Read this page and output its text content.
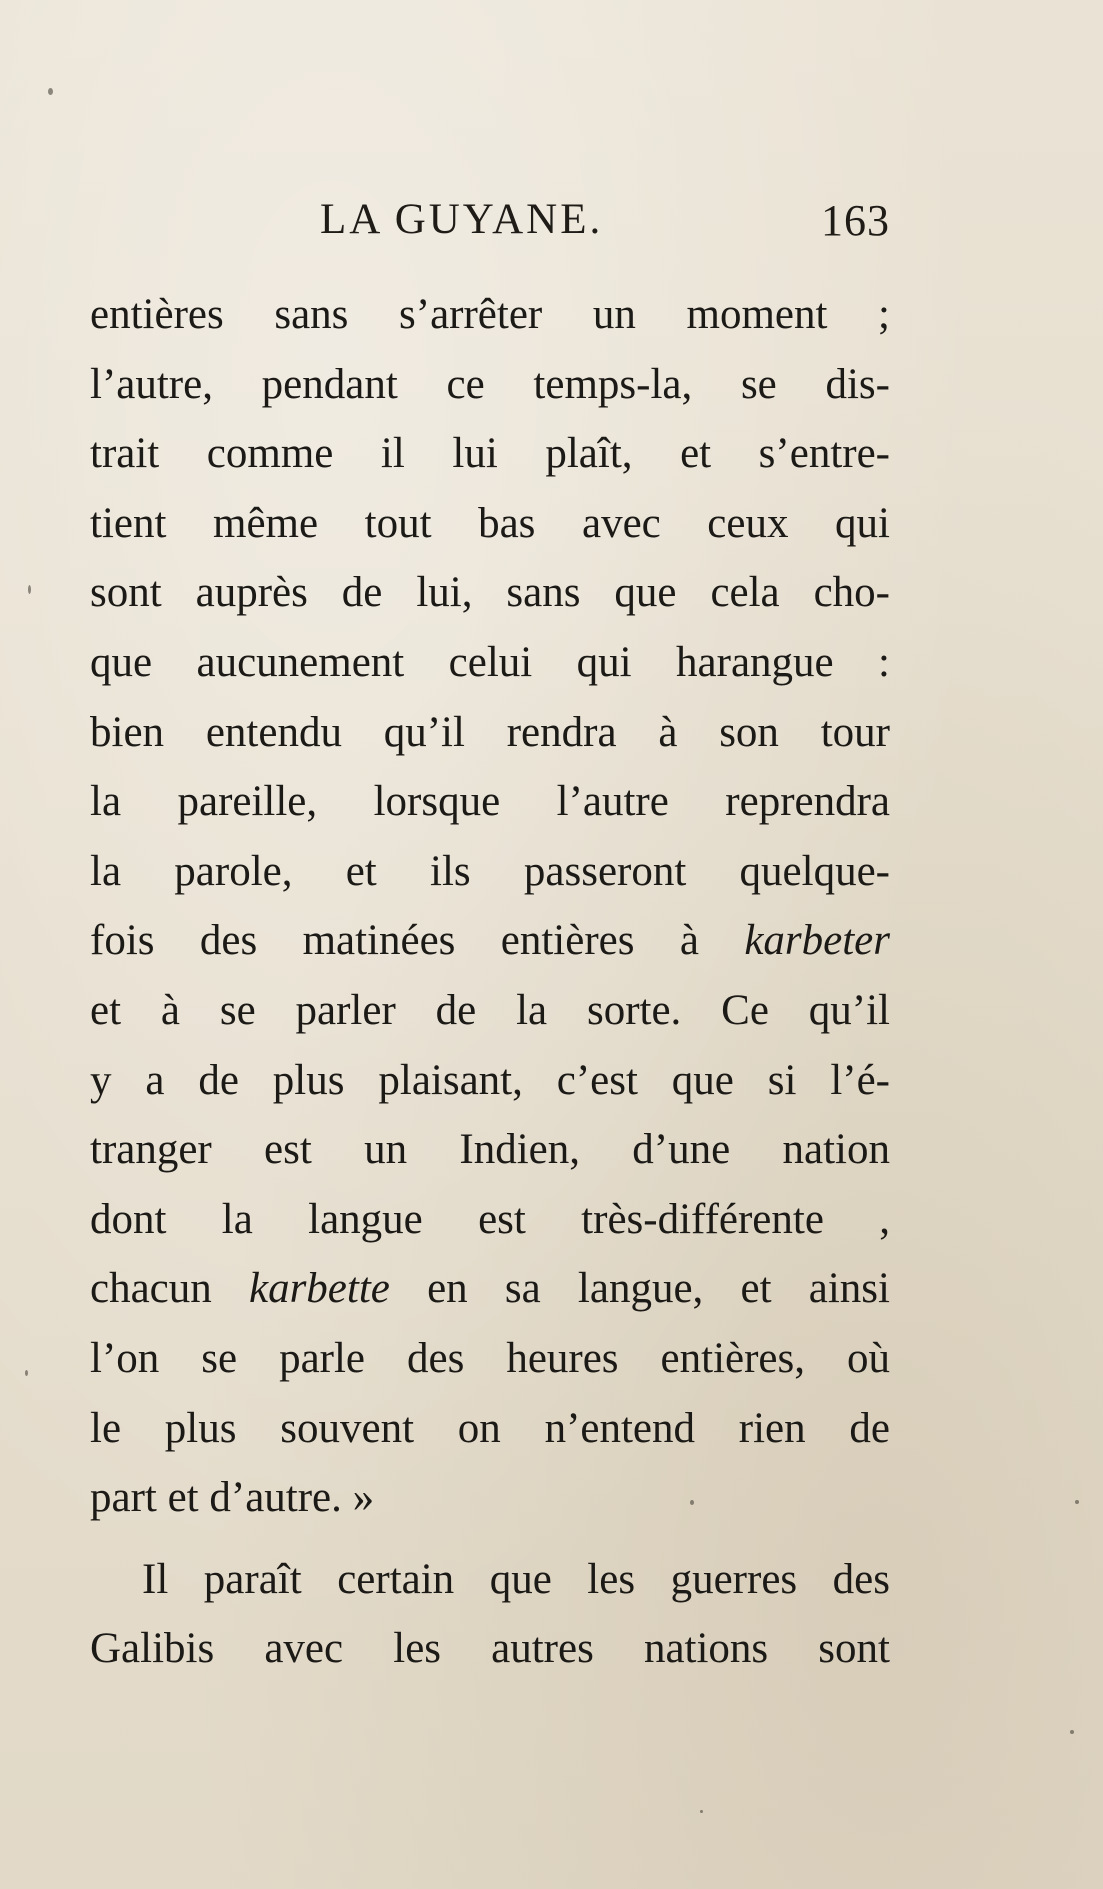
LA GUYANE.	163
entières sans s’arrêter un moment ;
l’autre, pendant ce temps-la, se dis-
trait comme il lui plaît, et s’entre-
tient même tout bas avec ceux qui
sont auprès de lui, sans que cela cho-
que aucunement celui qui harangue :
bien entendu qu’il rendra à son tour
la pareille, lorsque l’autre reprendra
la parole, et ils passeront quelque-
fois des matinées entières à karbeter
et à se parler de la sorte. Ce qu’il
y a de plus plaisant, c’est que si l’é-
tranger est un Indien, d’une nation
dont la langue est très-différente ,
chacun karbette en sa langue, et ainsi
l’on se parle des heures entières, où
le plus souvent on n’entend rien de
part et d’autre. »
Il paraît certain que les guerres des
Galibis avec les autres nations sont
